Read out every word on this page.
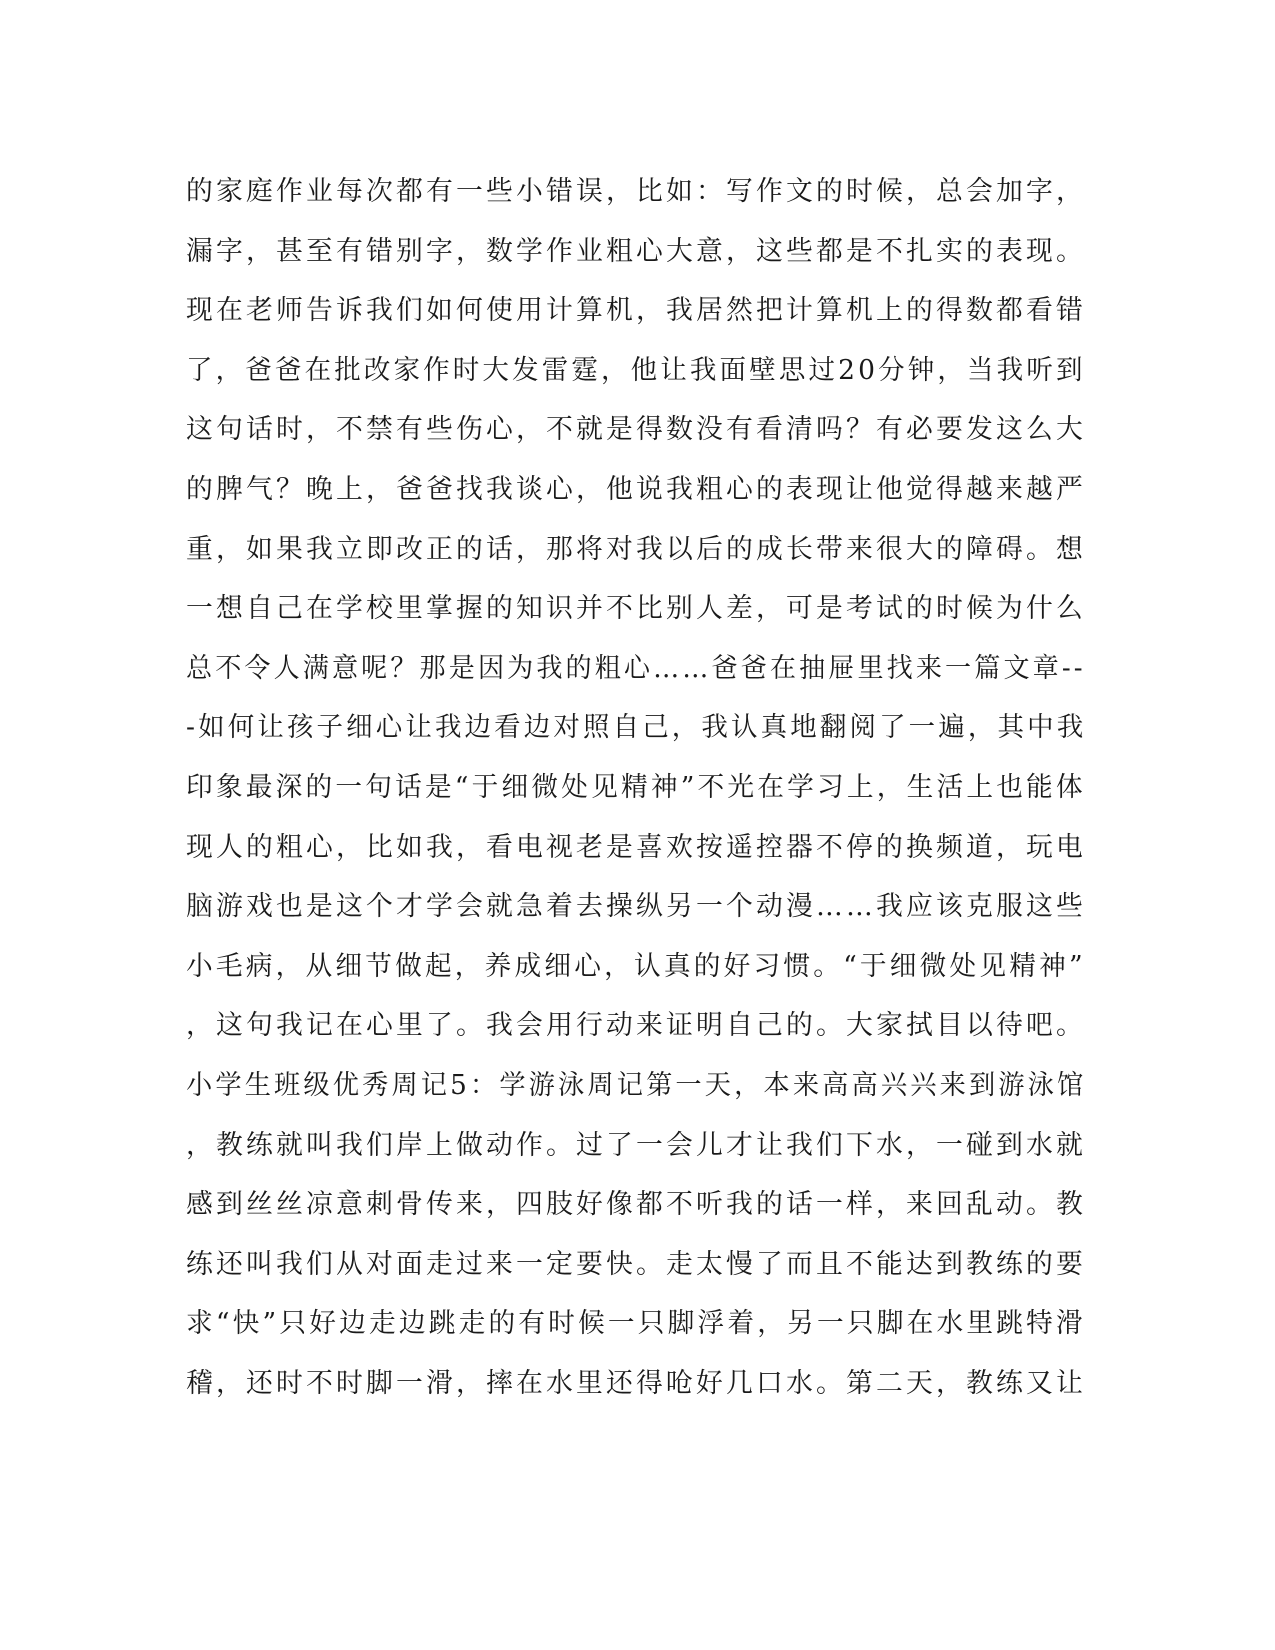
的家庭作业每次都有一些小错误，比如：写作文的时候，总会加字，
漏字，甚至有错别字，数学作业粗心大意，这些都是不扎实的表现。
现在老师告诉我们如何使用计算机，我居然把计算机上的得数都看错
了，爸爸在批改家作时大发雷霆，他让我面壁思过20分钟，当我听到
这句话时，不禁有些伤心，不就是得数没有看清吗？有必要发这么大
的脾气？晚上，爸爸找我谈心，他说我粗心的表现让他觉得越来越严
重，如果我立即改正的话，那将对我以后的成长带来很大的障碍。想
一想自己在学校里掌握的知识并不比别人差，可是考试的时候为什么
总不令人满意呢？那是因为我的粗心……爸爸在抽屉里找来一篇文章--
-如何让孩子细心让我边看边对照自己，我认真地翻阅了一遍，其中我
印象最深的一句话是“于细微处见精神”不光在学习上，生活上也能体
现人的粗心，比如我，看电视老是喜欢按遥控器不停的换频道，玩电
脑游戏也是这个才学会就急着去操纵另一个动漫……我应该克服这些
小毛病，从细节做起，养成细心，认真的好习惯。“于细微处见精神”
，这句我记在心里了。我会用行动来证明自己的。大家拭目以待吧。
小学生班级优秀周记5：学游泳周记第一天，本来高高兴兴来到游泳馆
，教练就叫我们岸上做动作。过了一会儿才让我们下水，一碰到水就
感到丝丝凉意刺骨传来，四肢好像都不听我的话一样，来回乱动。教
练还叫我们从对面走过来一定要快。走太慢了而且不能达到教练的要
求“快”只好边走边跳走的有时候一只脚浮着，另一只脚在水里跳特滑
稽，还时不时脚一滑，摔在水里还得呛好几口水。第二天，教练又让
